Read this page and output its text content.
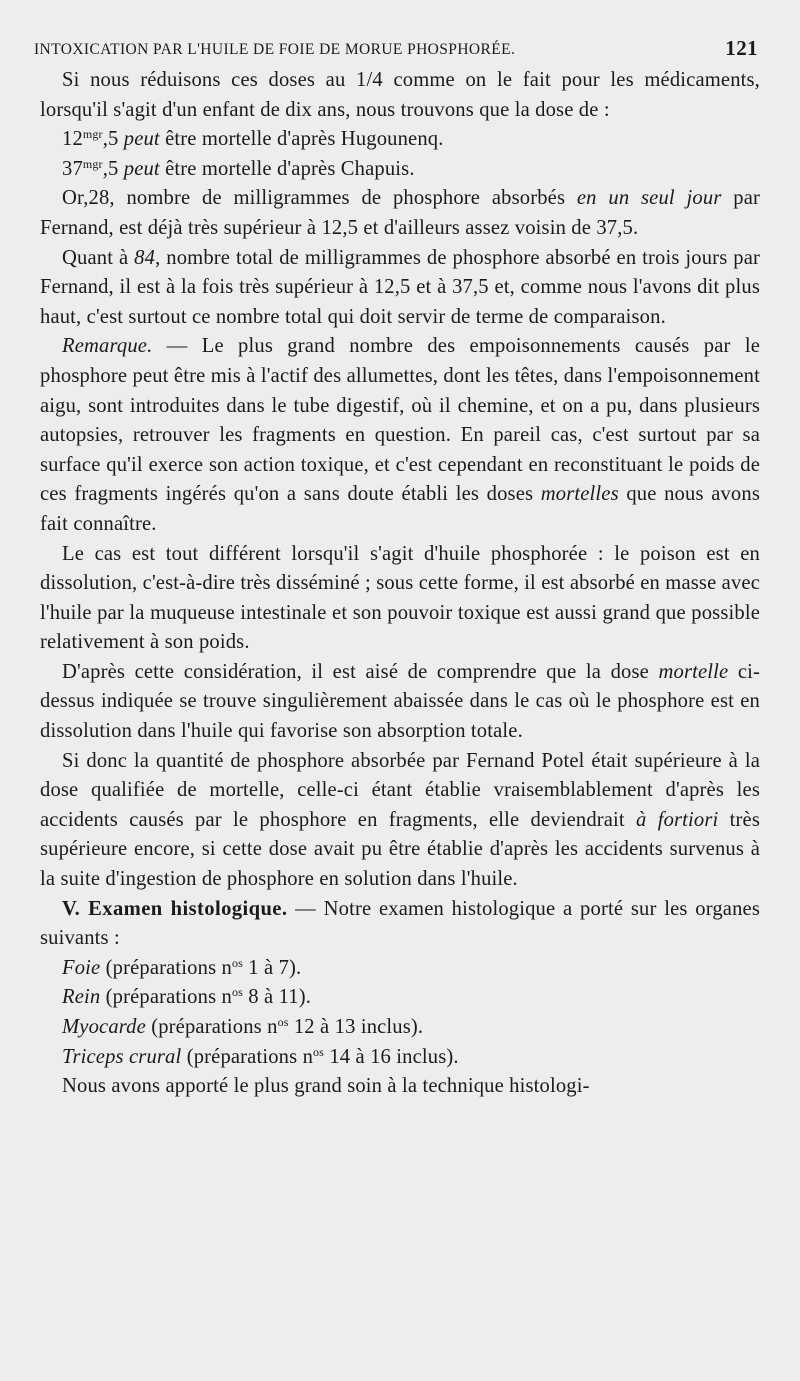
INTOXICATION PAR L'HUILE DE FOIE DE MORUE PHOSPHORÉE.	121

Si nous réduisons ces doses au 1/4 comme on le fait pour les médicaments, lorsqu'il s'agit d'un enfant de dix ans, nous trouvons que la dose de :

$12^{mgr},5$ peut être mortelle d'après Hugounenq.

$37^{mgr},5$ peut être mortelle d'après Chapuis.

Or,28, nombre de milligrammes de phosphore absorbés en un seul jour par Fernand, est déjà très supérieur à 12,5 et d'ailleurs assez voisin de 37,5.

Quant à 84, nombre total de milligrammes de phosphore absorbé en trois jours par Fernand, il est à la fois très supérieur à 12,5 et à 37,5 et, comme nous l'avons dit plus haut, c'est surtout ce nombre total qui doit servir de terme de comparaison.

Remarque. — Le plus grand nombre des empoisonnements causés par le phosphore peut être mis à l'actif des allumettes, dont les têtes, dans l'empoisonnement aigu, sont introduites dans le tube digestif, où il chemine, et on a pu, dans plusieurs autopsies, retrouver les fragments en question. En pareil cas, c'est surtout par sa surface qu'il exerce son action toxique, et c'est cependant en reconstituant le poids de ces fragments ingérés qu'on a sans doute établi les doses mortelles que nous avons fait connaître.

Le cas est tout différent lorsqu'il s'agit d'huile phosphorée : le poison est en dissolution, c'est-à-dire très disséminé ; sous cette forme, il est absorbé en masse avec l'huile par la muqueuse intestinale et son pouvoir toxique est aussi grand que possible relativement à son poids.

D'après cette considération, il est aisé de comprendre que la dose mortelle ci-dessus indiquée se trouve singulièrement abaissée dans le cas où le phosphore est en dissolution dans l'huile qui favorise son absorption totale.

Si donc la quantité de phosphore absorbée par Fernand Potel était supérieure à la dose qualifiée de mortelle, celle-ci étant établie vraisemblablement d'après les accidents causés par le phosphore en fragments, elle deviendrait à fortiori très supérieure encore, si cette dose avait pu être établie d'après les accidents survenus à la suite d'ingestion de phosphore en solution dans l'huile.

V. Examen histologique. — Notre examen histologique a porté sur les organes suivants :

Foie (préparations $n^{os}$ 1 à 7).

Rein (préparations $n^{os}$ 8 à 11).

Myocarde (préparations $n^{os}$ 12 à 13 inclus).

Triceps crural (préparations $n^{os}$ 14 à 16 inclus).

Nous avons apporté le plus grand soin à la technique histologi-
